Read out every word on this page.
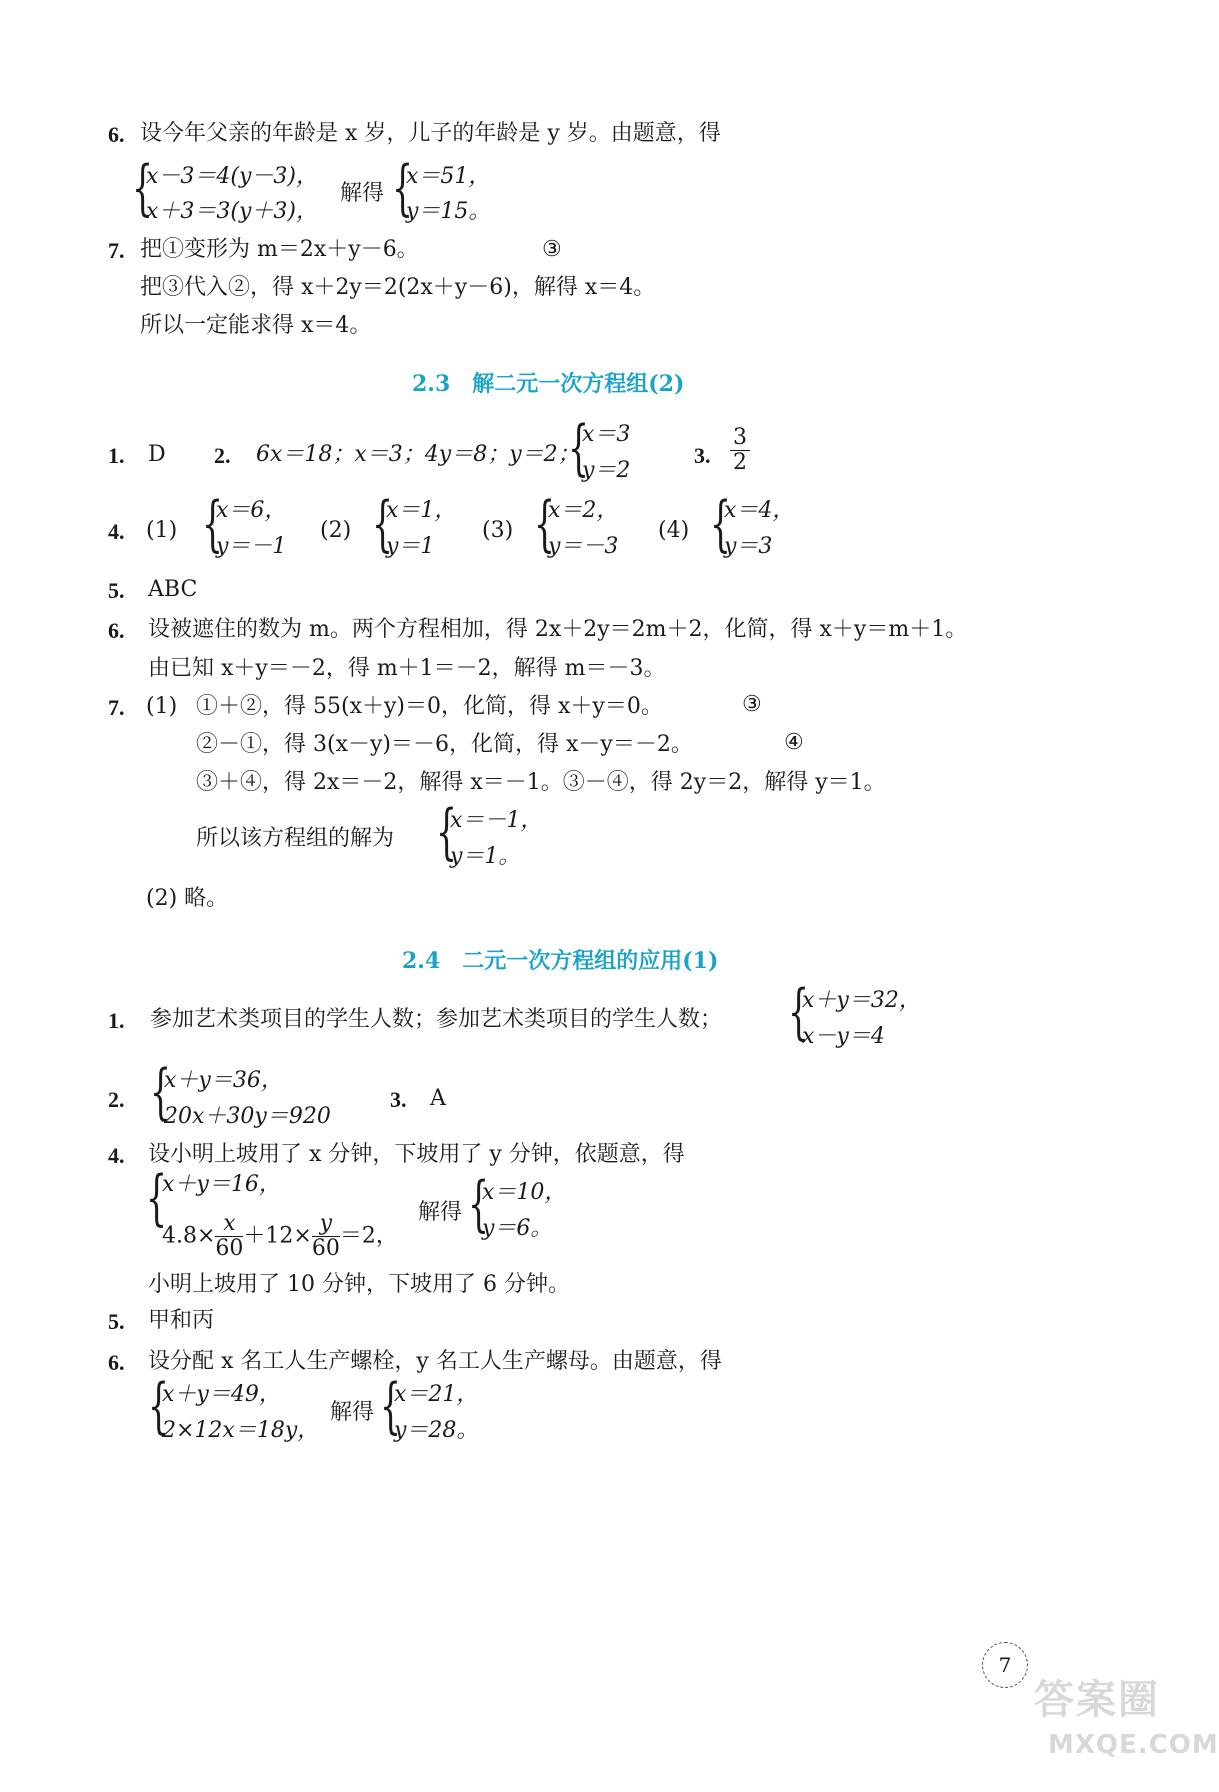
6. 设今年父亲的年龄是 x 岁，儿子的年龄是 y 岁。由题意，得
{
x－3＝4(y－3)，
x＋3＝3(y＋3)，
解得 {
x＝51，
y＝15。
7. 把①变形为 m＝2x＋y－6。	③
把③代入②，得 x＋2y＝2(2x＋y－6)，解得 x＝4。
所以一定能求得 x＝4。
2.3　解二元一次方程组(2)
1. D 2. 6x＝18；x＝3；4y＝8；y＝2；
{
x＝3
y＝2
3. $\frac{3}{2}$
4. (1) {
x＝6，
y＝－1
(2) {
x＝1，
y＝1
(3) {
x＝2，
y＝－3
(4) {
x＝4，
y＝3
5. ABC
6. 设被遮住的数为 m。两个方程相加，得 2x＋2y＝2m＋2，化简，得 x＋y＝m＋1。
由已知 x＋y＝－2，得 m＋1＝－2，解得 m＝－3。
7. (1) ①＋②，得 55(x＋y)＝0，化简，得 x＋y＝0。	③
②－①，得 3(x－y)＝－6，化简，得 x－y＝－2。	④
③＋④，得 2x＝－2，解得 x＝－1。③－④，得 2y＝2，解得 y＝1。
所以该方程组的解为 {
x＝－1，
y＝1。
(2) 略。
2.4　二元一次方程组的应用(1)
1. 参加艺术类项目的学生人数；参加艺术类项目的学生人数； {
x＋y＝32，
x－y＝4
2. {
x＋y＝36，
20x＋30y＝920
3. A
4. 设小明上坡用了 x 分钟，下坡用了 y 分钟，依题意，得
{
x＋y＝16，
$4.8\times \frac{x}{60} +12\times \frac{y}{60} =2$，
解得 {
x＝10，
y＝6。
小明上坡用了 10 分钟，下坡用了 6 分钟。
5. 甲和丙
6. 设分配 x 名工人生产螺栓，y 名工人生产螺母。由题意，得
{
x＋y＝49，
2×12x＝18y，
解得 {
x＝21，
y＝28。
7
答案圈
MXQE.COM
